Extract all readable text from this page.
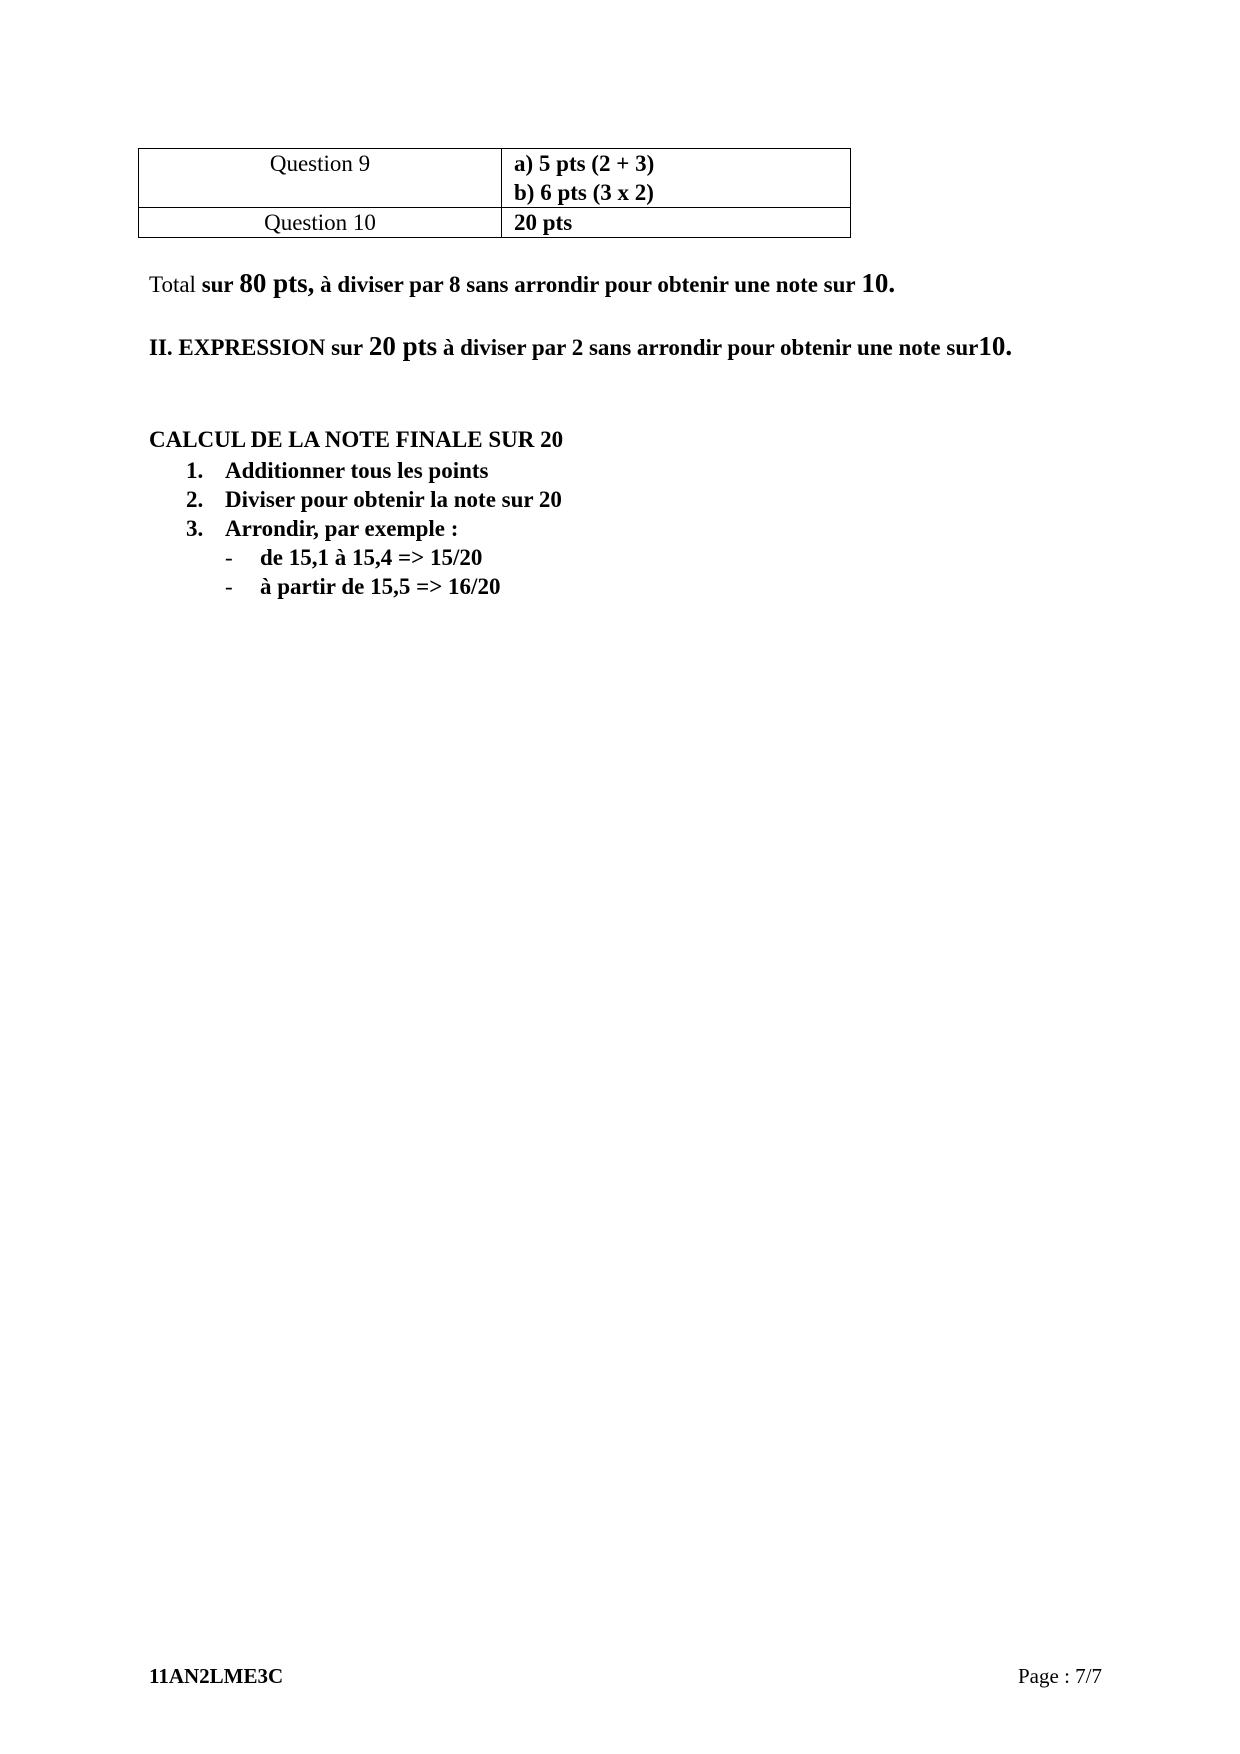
Question 9	a) 5 pts (2 + 3)
b) 6 pts (3 x 2)

Question 10	20 pts
Total sur 80 pts, à diviser par 8 sans arrondir pour obtenir une note sur 10.
II. EXPRESSION sur 20 pts à diviser par 2 sans arrondir pour obtenir une note sur10.
CALCUL DE LA NOTE FINALE SUR 20
1. Additionner tous les points
2. Diviser pour obtenir la note sur 20
3. Arrondir, par exemple :
- de 15,1 à 15,4 => 15/20
- à partir de 15,5 => 16/20
11AN2LME3C	Page : 7/7
